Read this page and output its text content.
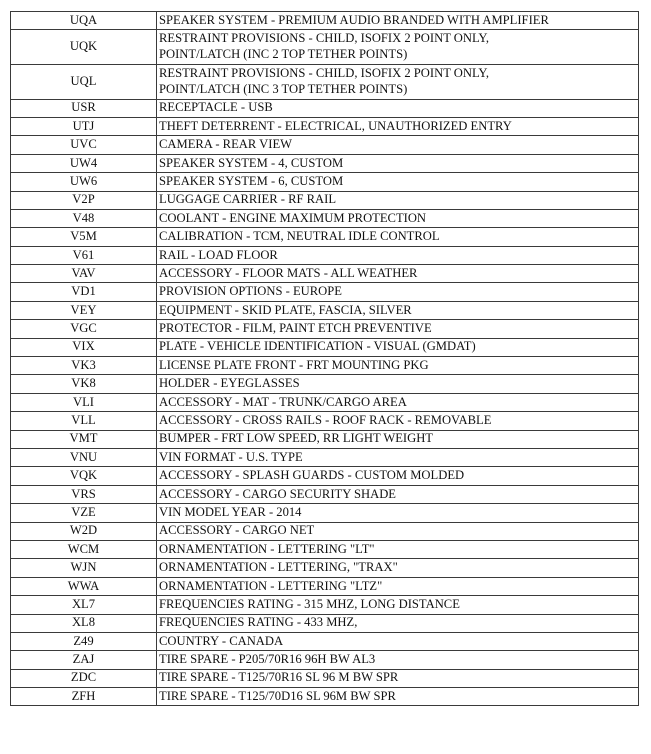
UQA	SPEAKER SYSTEM - PREMIUM AUDIO BRANDED WITH AMPLIFIER
UQK	RESTRAINT PROVISIONS - CHILD, ISOFIX 2 POINT ONLY,
POINT/LATCH (INC 2 TOP TETHER POINTS)
UQL	RESTRAINT PROVISIONS - CHILD, ISOFIX 2 POINT ONLY,
POINT/LATCH (INC 3 TOP TETHER POINTS)
USR	RECEPTACLE - USB
UTJ	THEFT DETERRENT - ELECTRICAL, UNAUTHORIZED ENTRY
UVC	CAMERA - REAR VIEW
UW4	SPEAKER SYSTEM - 4, CUSTOM
UW6	SPEAKER SYSTEM - 6, CUSTOM
V2P	LUGGAGE CARRIER - RF RAIL
V48	COOLANT - ENGINE MAXIMUM PROTECTION
V5M	CALIBRATION - TCM, NEUTRAL IDLE CONTROL
V61	RAIL - LOAD FLOOR
VAV	ACCESSORY - FLOOR MATS - ALL WEATHER
VD1	PROVISION OPTIONS - EUROPE
VEY	EQUIPMENT - SKID PLATE, FASCIA, SILVER
VGC	PROTECTOR - FILM, PAINT ETCH PREVENTIVE
VIX	PLATE - VEHICLE IDENTIFICATION - VISUAL (GMDAT)
VK3	LICENSE PLATE FRONT - FRT MOUNTING PKG
VK8	HOLDER - EYEGLASSES
VLI	ACCESSORY - MAT - TRUNK/CARGO AREA
VLL	ACCESSORY - CROSS RAILS - ROOF RACK - REMOVABLE
VMT	BUMPER - FRT LOW SPEED, RR LIGHT WEIGHT
VNU	VIN FORMAT - U.S. TYPE
VQK	ACCESSORY - SPLASH GUARDS - CUSTOM MOLDED
VRS	ACCESSORY - CARGO SECURITY SHADE
VZE	VIN MODEL YEAR - 2014
W2D	ACCESSORY - CARGO NET
WCM	ORNAMENTATION - LETTERING "LT"
WJN	ORNAMENTATION - LETTERING, "TRAX"
WWA	ORNAMENTATION - LETTERING "LTZ"
XL7	FREQUENCIES RATING - 315 MHZ, LONG DISTANCE
XL8	FREQUENCIES RATING - 433 MHZ,
Z49	COUNTRY - CANADA
ZAJ	TIRE SPARE - P205/70R16 96H BW AL3
ZDC	TIRE SPARE - T125/70R16 SL 96 M BW SPR
ZFH	TIRE SPARE - T125/70D16 SL 96M BW SPR
